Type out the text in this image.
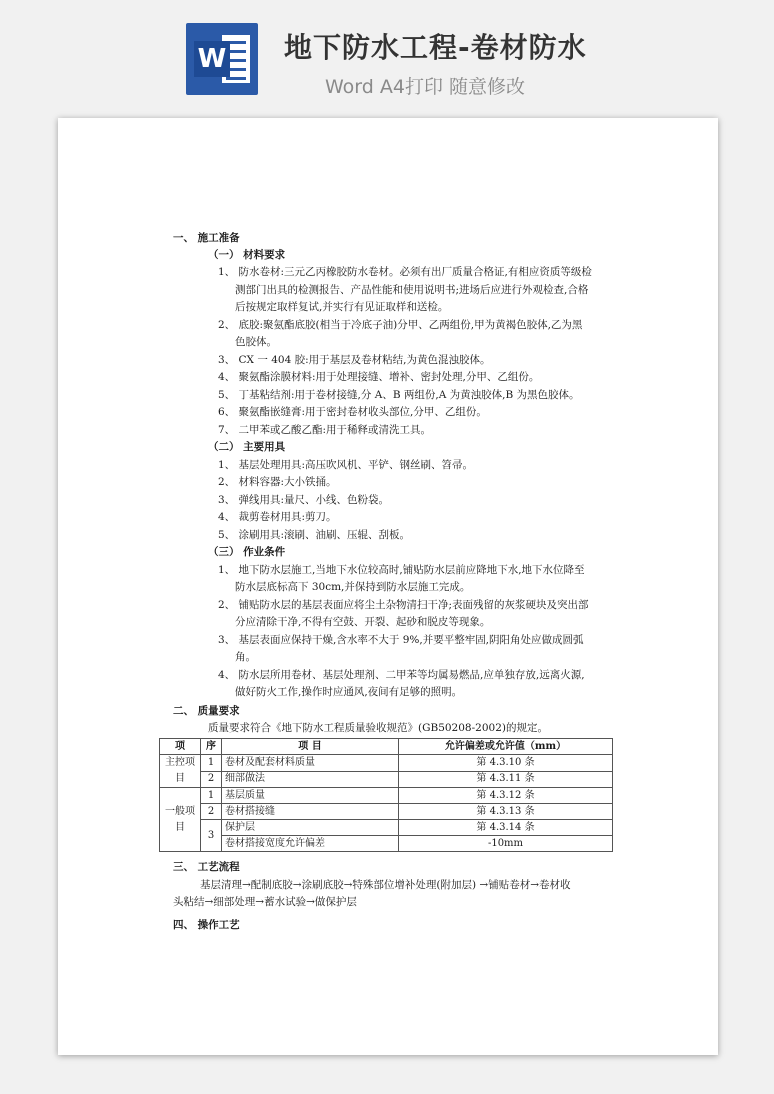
W 地下防水工程-卷材防水
Word A4打印 随意修改
一、 施工准备
（一） 材料要求
1、 防水卷材:三元乙丙橡胶防水卷材。必须有出厂质量合格证,有相应资质等级检
测部门出具的检测报告、产品性能和使用说明书;进场后应进行外观检查,合格
后按规定取样复试,并实行有见证取样和送检。
2、 底胶:聚氨酯底胶(相当于冷底子油)分甲、乙两组份,甲为黄褐色胶体,乙为黑
色胶体。
3、 CX 一 404 胶:用于基层及卷材粘结,为黄色混浊胶体。
4、 聚氨酯涂膜材料:用于处理接缝、增补、密封处理,分甲、乙组份。
5、 丁基粘结剂:用于卷材接缝,分 A、B 两组份,A 为黄浊胶体,B 为黑色胶体。
6、 聚氨酯嵌缝膏:用于密封卷材收头部位,分甲、乙组份。
7、 二甲苯或乙酸乙酯:用于稀释或清洗工具。
（二） 主要用具
1、 基层处理用具:高压吹风机、平铲、钢丝刷、笤帚。
2、 材料容器:大小铁捅。
3、 弹线用具:量尺、小线、色粉袋。
4、 裁剪卷材用具:剪刀。
5、 涂刷用具:滚刷、油刷、压辊、刮板。
（三） 作业条件
1、 地下防水层施工,当地下水位较高时,铺贴防水层前应降地下水,地下水位降至
防水层底标高下 30cm,并保持到防水层施工完成。
2、 铺贴防水层的基层表面应将尘土杂物清扫干净;表面残留的灰浆硬块及突出部
分应清除干净,不得有空鼓、开裂、起砂和脱皮等现象。
3、 基层表面应保持干燥,含水率不大于 9%,并要平整牢固,阴阳角处应做成圆弧
角。
4、 防水层所用卷材、基层处理剂、二甲苯等均属易燃品,应单独存放,远离火源,
做好防火工作,操作时应通风,夜间有足够的照明。
二、 质量要求
质量要求符合《地下防水工程质量验收规范》(GB50208-2002)的规定。
项	序	项 目	允许偏差或允许值（mm）
主控项目	1	卷材及配套材料质量	第 4.3.10 条
	2	细部做法	第 4.3.11 条
一般项目	1	基层质量	第 4.3.12 条
	2	卷材搭接缝	第 4.3.13 条
	3	保护层	第 4.3.14 条
		卷材搭接宽度允许偏差	-10mm
三、 工艺流程
基层清理→配制底胶→涂刷底胶→特殊部位增补处理(附加层) →铺贴卷材→卷材收
头粘结→细部处理→蓄水试验→做保护层
四、 操作工艺
